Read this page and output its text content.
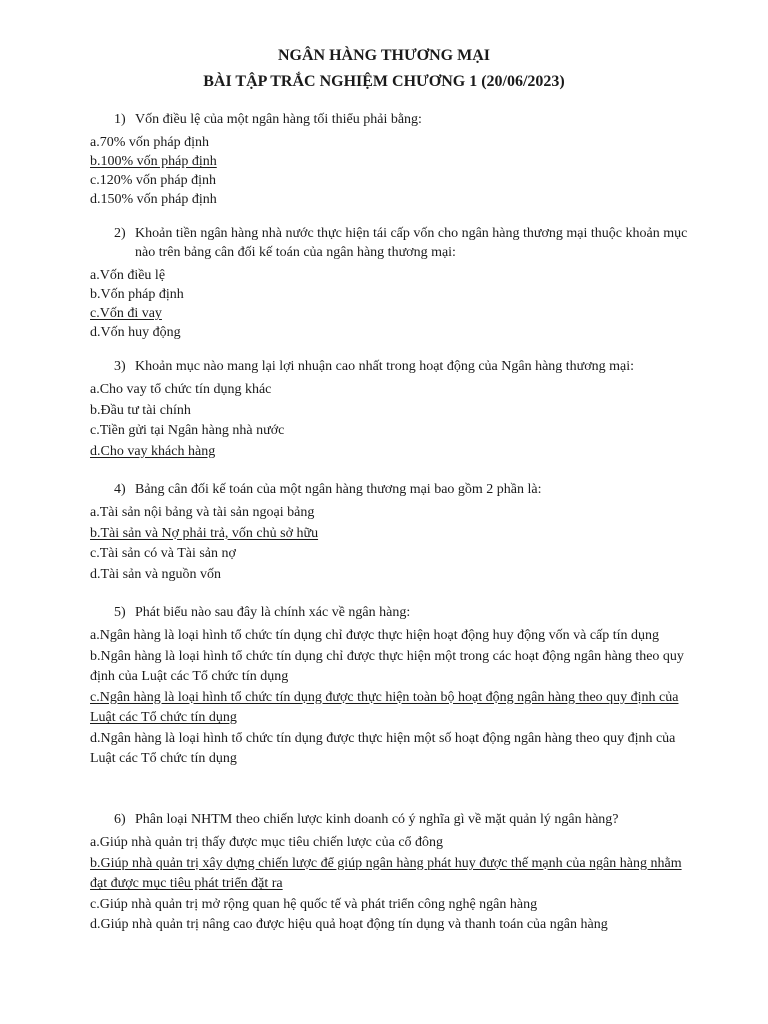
NGÂN HÀNG THƯƠNG MẠI
BÀI TẬP TRẮC NGHIỆM CHƯƠNG 1 (20/06/2023)
1) Vốn điều lệ của một ngân hàng tối thiểu phải bằng:
a.70% vốn pháp định
b.100% vốn pháp định
c.120% vốn pháp định
d.150% vốn pháp định
2) Khoản tiền ngân hàng nhà nước thực hiện tái cấp vốn cho ngân hàng thương mại thuộc khoản mục nào trên bảng cân đối kế toán của ngân hàng thương mại:
a.Vốn điều lệ
b.Vốn pháp định
c.Vốn đi vay
d.Vốn huy động
3) Khoản mục nào mang lại lợi nhuận cao nhất trong hoạt động của Ngân hàng thương mại:
a.Cho vay tổ chức tín dụng khác
b.Đầu tư tài chính
c.Tiền gửi tại Ngân hàng nhà nước
d.Cho vay khách hàng
4) Bảng cân đối kế toán của một ngân hàng thương mại bao gồm 2 phần là:
a.Tài sản nội bảng và tài sản ngoại bảng
b.Tài sản và Nợ phải trả, vốn chủ sở hữu
c.Tài sản có và Tài sản nợ
d.Tài sản và nguồn vốn
5) Phát biểu nào sau đây là chính xác về ngân hàng:
a.Ngân hàng là loại hình tổ chức tín dụng chỉ được thực hiện hoạt động huy động vốn và cấp tín dụng
b.Ngân hàng là loại hình tổ chức tín dụng chỉ được thực hiện một trong các hoạt động ngân hàng theo quy định của Luật các Tổ chức tín dụng
c.Ngân hàng là loại hình tổ chức tín dụng được thực hiện toàn bộ hoạt động ngân hàng theo quy định của Luật các Tổ chức tín dụng
d.Ngân hàng là loại hình tổ chức tín dụng được thực hiện một số hoạt động ngân hàng theo quy định của Luật các Tổ chức tín dụng
6) Phân loại NHTM theo chiến lược kinh doanh có ý nghĩa gì về mặt quản lý ngân hàng?
a.Giúp nhà quản trị thấy được mục tiêu chiến lược của cổ đông
b.Giúp nhà quản trị xây dựng chiến lược để giúp ngân hàng phát huy được thế mạnh của ngân hàng nhằm đạt được mục tiêu phát triển đặt ra
c.Giúp nhà quản trị mở rộng quan hệ quốc tế và phát triển công nghệ ngân hàng
d.Giúp nhà quản trị nâng cao được hiệu quả hoạt động tín dụng và thanh toán của ngân hàng
